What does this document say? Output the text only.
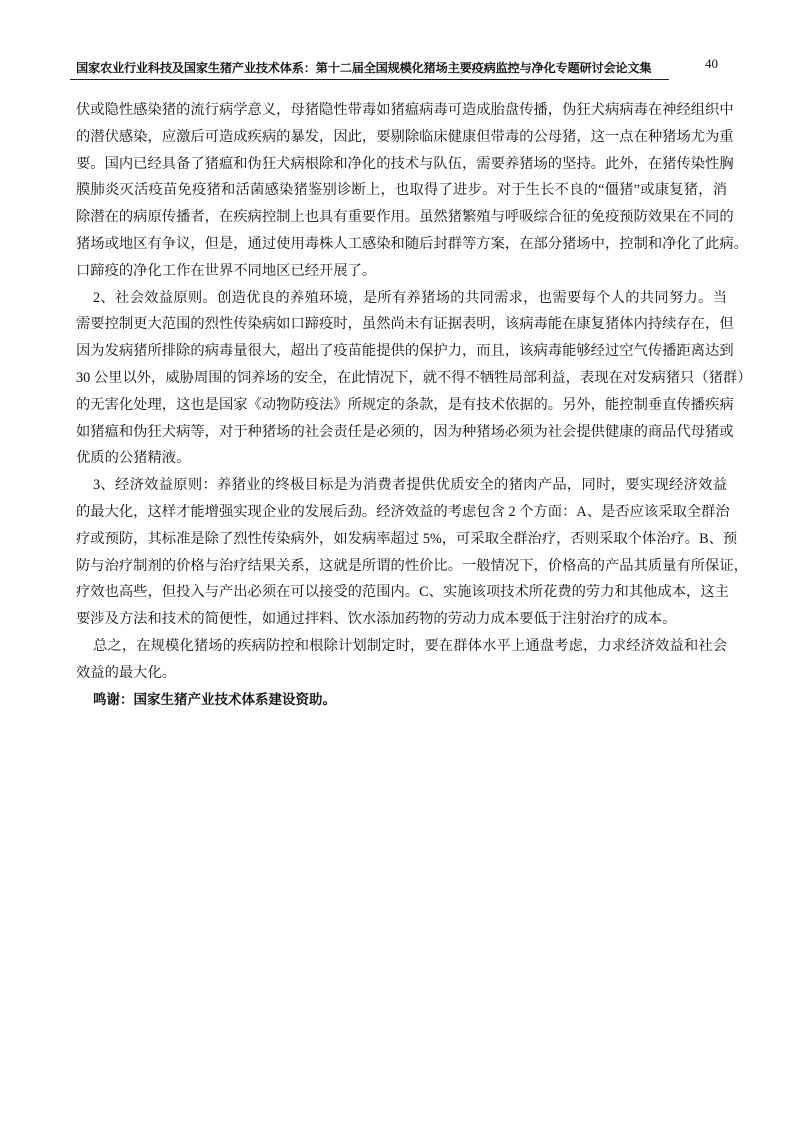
国家农业行业科技及国家生猪产业技术体系：第十二届全国规模化猪场主要疫病监控与净化专题研讨会论文集	40
伏或隐性感染猪的流行病学意义，母猪隐性带毒如猪瘟病毒可造成胎盘传播，伪狂犬病病毒在神经组织中
的潜伏感染，应激后可造成疾病的暴发，因此，要剔除临床健康但带毒的公母猪，这一点在种猪场尤为重
要。国内已经具备了猪瘟和伪狂犬病根除和净化的技术与队伍，需要养猪场的坚持。此外，在猪传染性胸
膜肺炎灭活疫苗免疫猪和活菌感染猪鉴别诊断上，也取得了进步。对于生长不良的“僵猪”或康复猪，消
除潜在的病原传播者，在疾病控制上也具有重要作用。虽然猪繁殖与呼吸综合征的免疫预防效果在不同的
猪场或地区有争议，但是，通过使用毒株人工感染和随后封群等方案，在部分猪场中，控制和净化了此病。
口蹄疫的净化工作在世界不同地区已经开展了。
2、社会效益原则。创造优良的养殖环境，是所有养猪场的共同需求，也需要每个人的共同努力。当
需要控制更大范围的烈性传染病如口蹄疫时，虽然尚未有证据表明，该病毒能在康复猪体内持续存在，但
因为发病猪所排除的病毒量很大，超出了疫苗能提供的保护力，而且，该病毒能够经过空气传播距离达到
30 公里以外，威胁周围的饲养场的安全，在此情况下，就不得不牺牲局部利益，表现在对发病猪只（猪群）
的无害化处理，这也是国家《动物防疫法》所规定的条款，是有技术依据的。另外，能控制垂直传播疾病
如猪瘟和伪狂犬病等，对于种猪场的社会责任是必须的，因为种猪场必须为社会提供健康的商品代母猪或
优质的公猪精液。
3、经济效益原则：养猪业的终极目标是为消费者提供优质安全的猪肉产品，同时，要实现经济效益
的最大化，这样才能增强实现企业的发展后劲。经济效益的考虑包含 2 个方面：A、是否应该采取全群治
疗或预防，其标准是除了烈性传染病外，如发病率超过 5%，可采取全群治疗，否则采取个体治疗。B、预
防与治疗制剂的价格与治疗结果关系，这就是所谓的性价比。一般情况下，价格高的产品其质量有所保证，
疗效也高些，但投入与产出必须在可以接受的范围内。C、实施该项技术所花费的劳力和其他成本，这主
要涉及方法和技术的简便性，如通过拌料、饮水添加药物的劳动力成本要低于注射治疗的成本。
总之，在规模化猪场的疾病防控和根除计划制定时，要在群体水平上通盘考虑，力求经济效益和社会
效益的最大化。
鸣谢：国家生猪产业技术体系建设资助。
